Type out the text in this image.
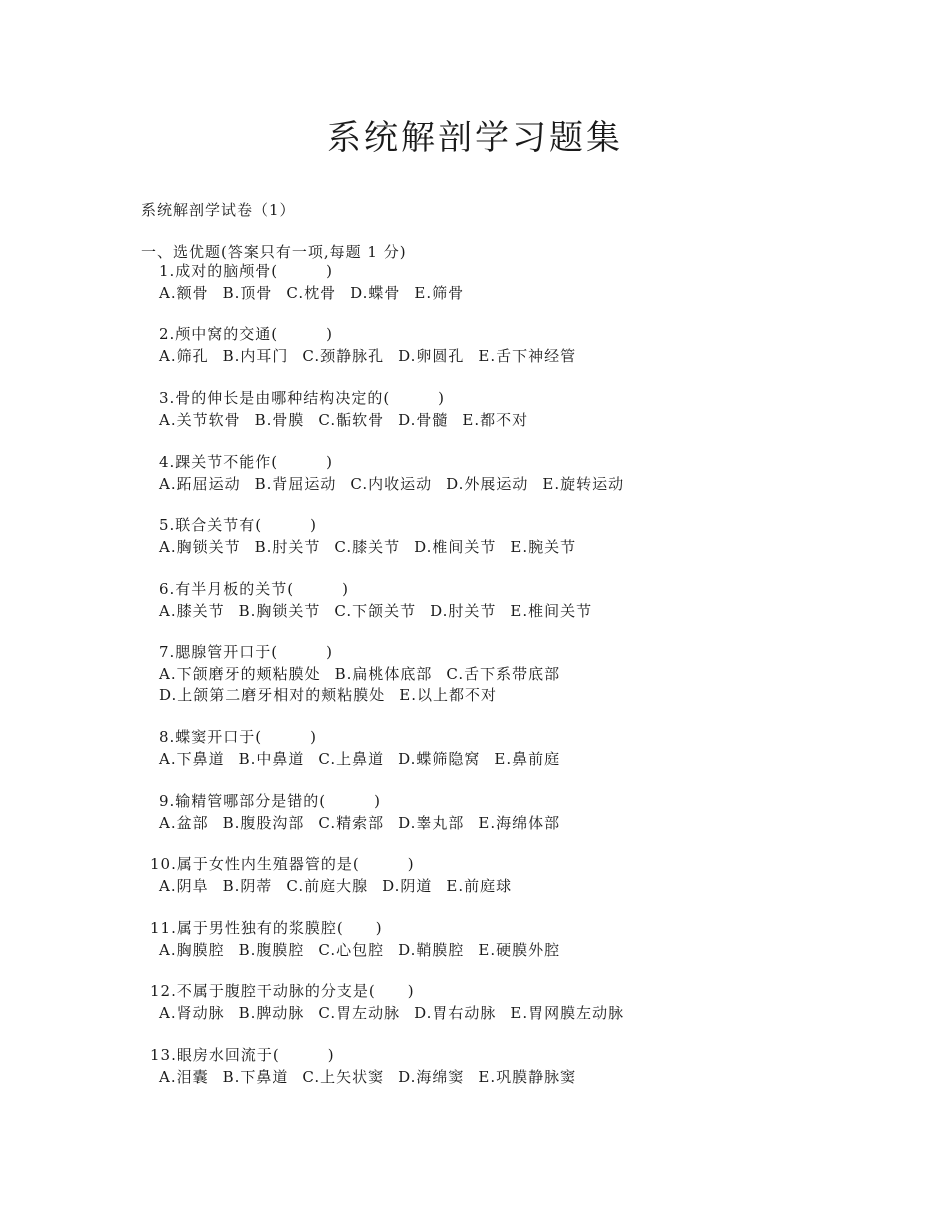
系统解剖学习题集
系统解剖学试卷（1）
一、选优题(答案只有一项,每题 1 分)
1.成对的脑颅骨(　　　)
A.额骨 B.顶骨 C.枕骨 D.蝶骨 E.筛骨
2.颅中窝的交通(　　　)
A.筛孔 B.内耳门 C.颈静脉孔 D.卵圆孔 E.舌下神经管
3.骨的伸长是由哪种结构决定的(　　　)
A.关节软骨 B.骨膜 C.骺软骨 D.骨髓 E.都不对
4.踝关节不能作(　　　)
A.跖屈运动 B.背屈运动 C.内收运动 D.外展运动 E.旋转运动
5.联合关节有(　　　)
A.胸锁关节 B.肘关节 C.膝关节 D.椎间关节 E.腕关节
6.有半月板的关节(　　　)
A.膝关节 B.胸锁关节 C.下颌关节 D.肘关节 E.椎间关节
7.腮腺管开口于(　　　)
A.下颌磨牙的颊粘膜处 B.扁桃体底部 C.舌下系带底部
D.上颌第二磨牙相对的颊粘膜处 E.以上都不对
8.蝶窦开口于(　　　)
A.下鼻道 B.中鼻道 C.上鼻道 D.蝶筛隐窝 E.鼻前庭
9.输精管哪部分是错的(　　　)
A.盆部 B.腹股沟部 C.精索部 D.睾丸部 E.海绵体部
10.属于女性内生殖器管的是(　　　)
A.阴阜 B.阴蒂 C.前庭大腺 D.阴道 E.前庭球
11.属于男性独有的浆膜腔(　　)
A.胸膜腔 B.腹膜腔 C.心包腔 D.鞘膜腔 E.硬膜外腔
12.不属于腹腔干动脉的分支是(　　)
A.肾动脉 B.脾动脉 C.胃左动脉 D.胃右动脉 E.胃网膜左动脉
13.眼房水回流于(　　　)
A.泪囊 B.下鼻道 C.上矢状窦 D.海绵窦 E.巩膜静脉窦
